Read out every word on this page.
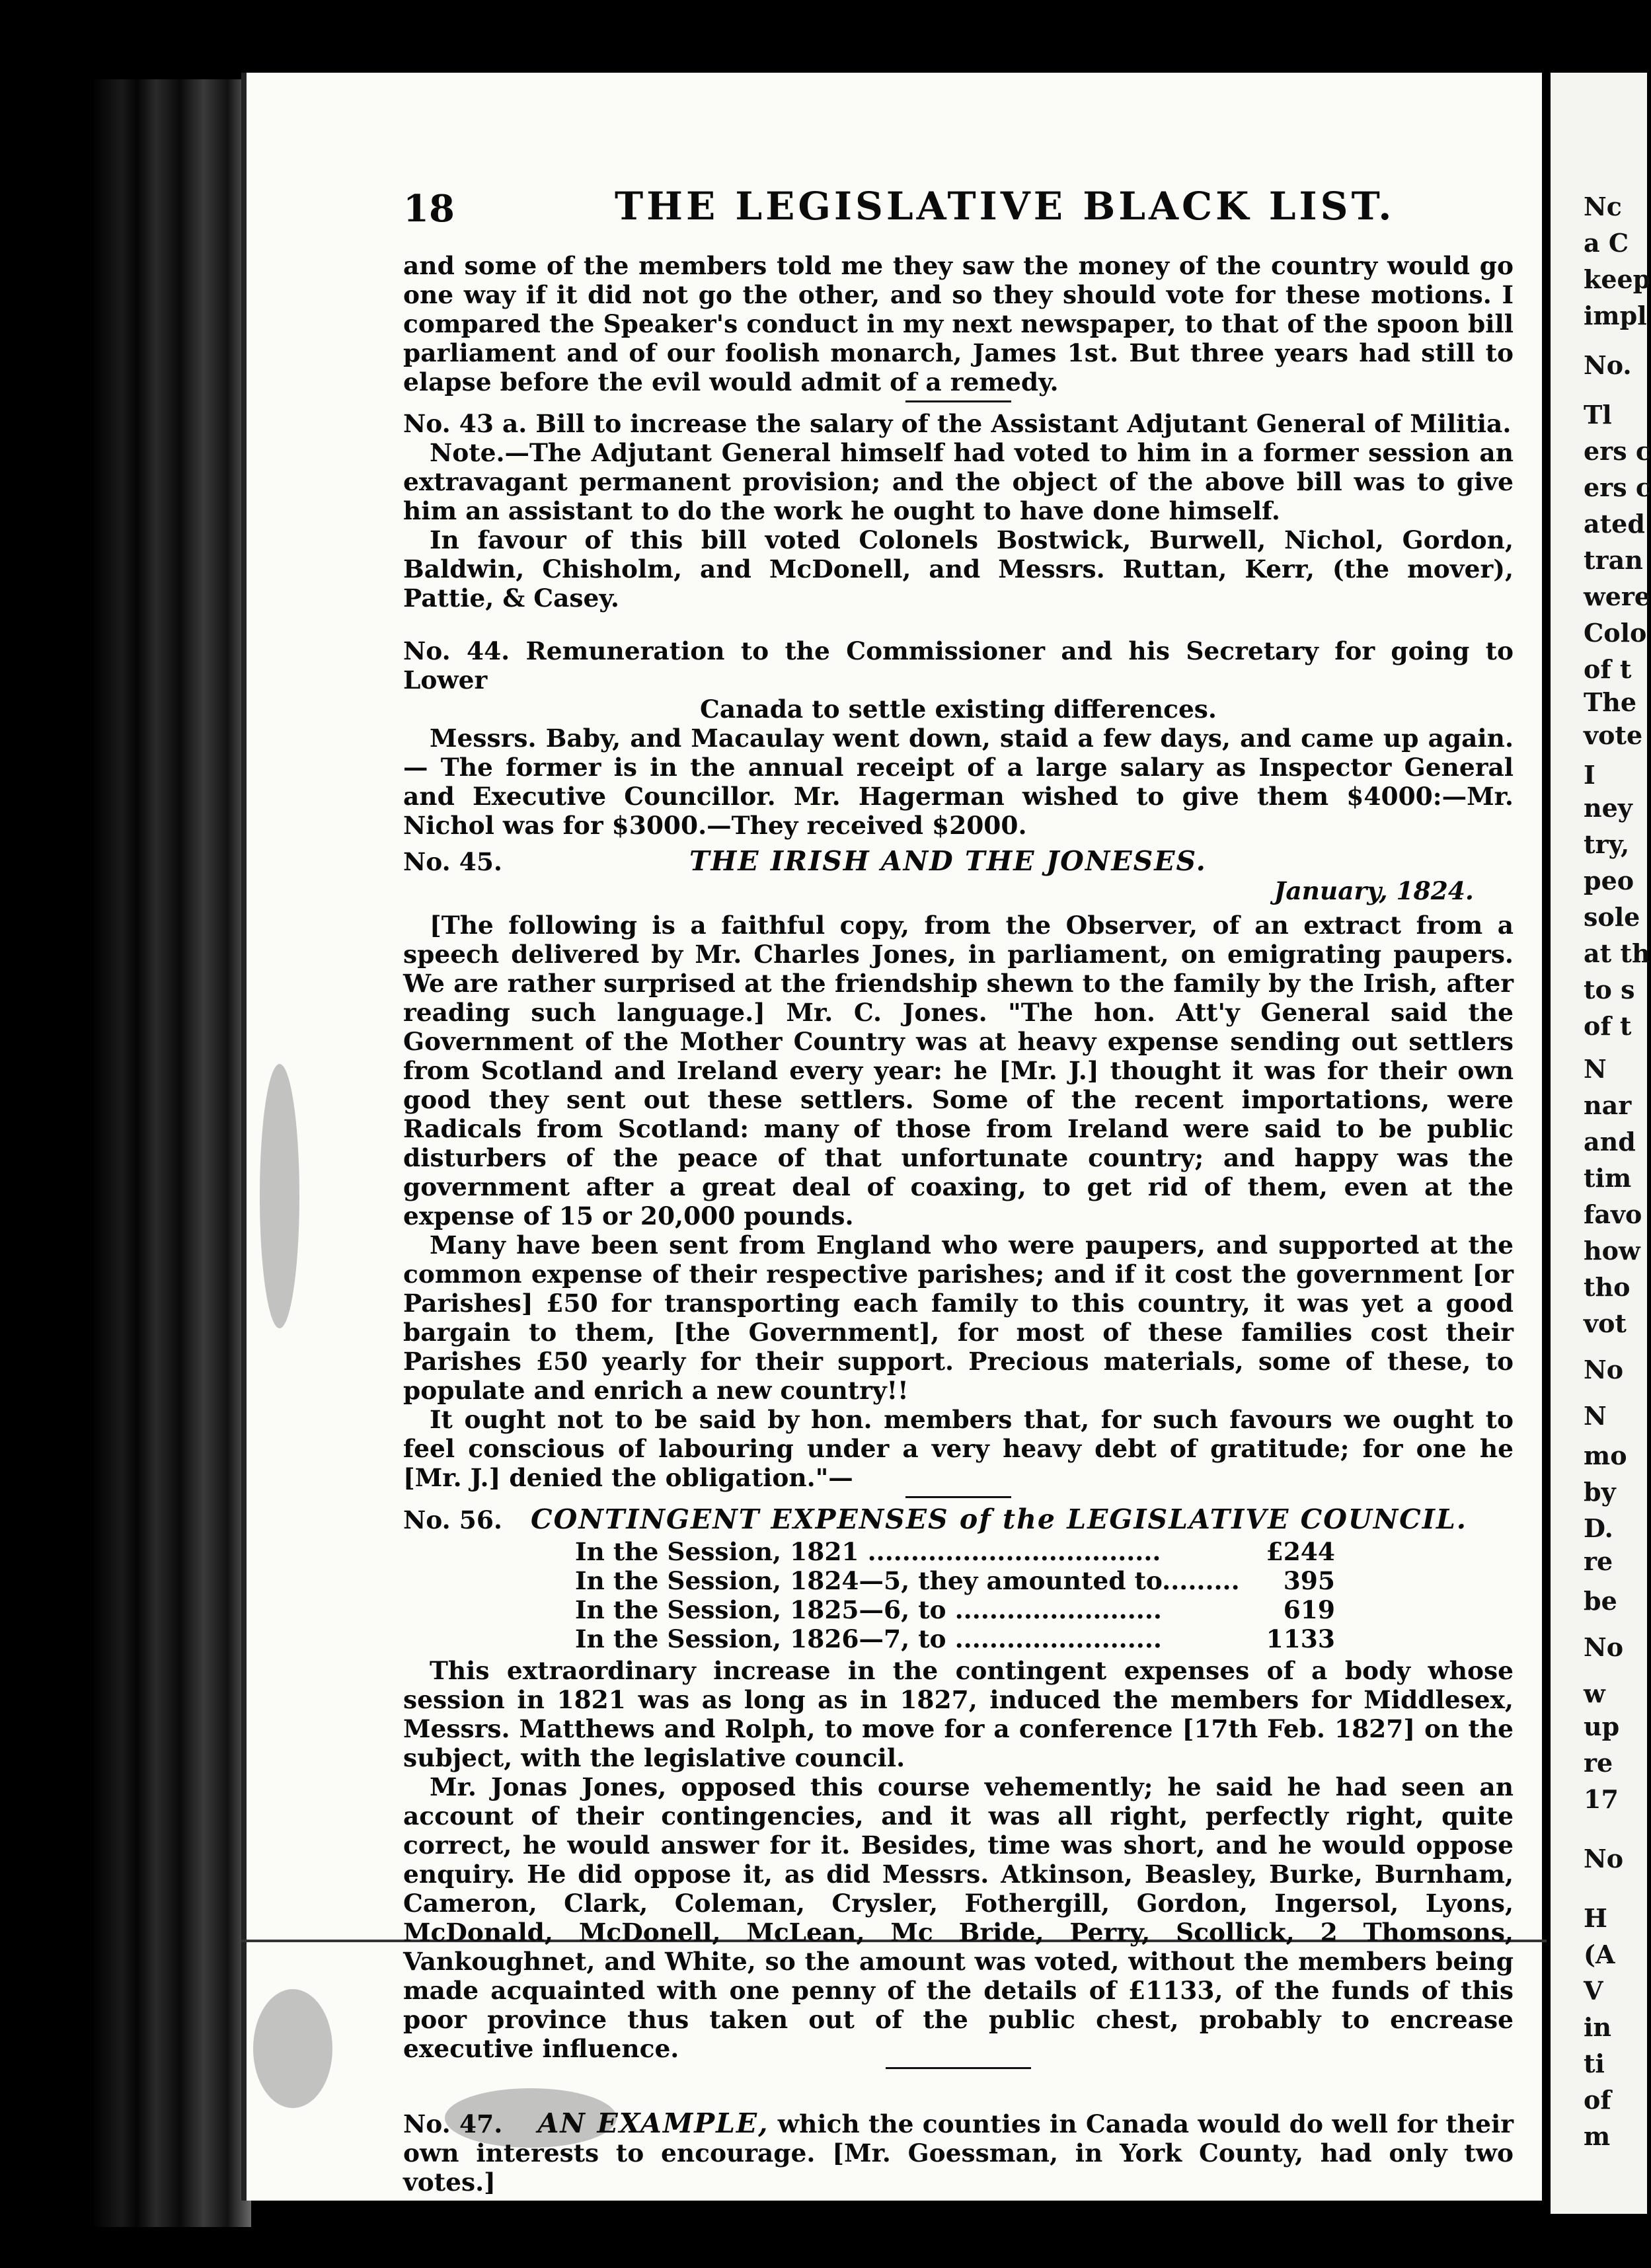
Nc
a C
keep
impl
No.
Tl
ers c
ers c
ated
tran
were
Colo
of t
The
vote
I
ney
try,
peo
sole
at th
to s
of t
N
nar
and
tim
favo
how
tho
vot
No
N
mo
by
D.
re
be
No
w
up
re
17
No
H
(A
V
in
ti
of
m
18	THE LEGISLATIVE BLACK LIST.

and some of the members told me they saw the money of the country would go one way if it did not go the other, and so they should vote for these motions. I compared the Speaker's conduct in my next newspaper, to that of the spoon bill parliament and of our foolish monarch, James 1st. But three years had still to elapse before the evil would admit of a remedy.

No. 43 a. Bill to increase the salary of the Assistant Adjutant General of Militia.

Note.—The Adjutant General himself had voted to him in a former session an extravagant permanent provision; and the object of the above bill was to give him an assistant to do the work he ought to have done himself.

In favour of this bill voted Colonels Bostwick, Burwell, Nichol, Gordon, Baldwin, Chisholm, and McDonell, and Messrs. Ruttan, Kerr, (the mover), Pattie, & Casey.

No. 44. Remuneration to the Commissioner and his Secretary for going to Lower

Canada to settle existing differences.

Messrs. Baby, and Macaulay went down, staid a few days, and came up again.— The former is in the annual receipt of a large salary as Inspector General and Executive Councillor. Mr. Hagerman wished to give them $4000:—Mr. Nichol was for $3000.—They received $2000.

No. 45.	THE IRISH AND THE JONESES.

January, 1824.

[The following is a faithful copy, from the Observer, of an extract from a speech delivered by Mr. Charles Jones, in parliament, on emigrating paupers. We are rather surprised at the friendship shewn to the family by the Irish, after reading such language.] Mr. C. Jones. "The hon. Att'y General said the Government of the Mother Country was at heavy expense sending out settlers from Scotland and Ireland every year: he [Mr. J.] thought it was for their own good they sent out these settlers. Some of the recent importations, were Radicals from Scotland: many of those from Ireland were said to be public disturbers of the peace of that unfortunate country; and happy was the government after a great deal of coaxing, to get rid of them, even at the expense of 15 or 20,000 pounds.

Many have been sent from England who were paupers, and supported at the common expense of their respective parishes; and if it cost the government [or Parishes] £50 for transporting each family to this country, it was yet a good bargain to them, [the Government], for most of these families cost their Parishes £50 yearly for their support. Precious materials, some of these, to populate and enrich a new country!!

It ought not to be said by hon. members that, for such favours we ought to feel conscious of labouring under a very heavy debt of gratitude; for one he [Mr. J.] denied the obligation."—

No. 56. CONTINGENT EXPENSES of the LEGISLATIVE COUNCIL.

In the Session, 1821 ..................................	£244
In the Session, 1824—5, they amounted to.........	395
In the Session, 1825—6, to ........................	619
In the Session, 1826—7, to ........................	1133

This extraordinary increase in the contingent expenses of a body whose session in 1821 was as long as in 1827, induced the members for Middlesex, Messrs. Matthews and Rolph, to move for a conference [17th Feb. 1827] on the subject, with the legislative council.

Mr. Jonas Jones, opposed this course vehemently; he said he had seen an account of their contingencies, and it was all right, perfectly right, quite correct, he would answer for it. Besides, time was short, and he would oppose enquiry. He did oppose it, as did Messrs. Atkinson, Beasley, Burke, Burnham, Cameron, Clark, Coleman, Crysler, Fothergill, Gordon, Ingersol, Lyons, McDonald, McDonell, McLean, Mc Bride, Perry, Scollick, 2 Thomsons, Vankoughnet, and White, so the amount was voted, without the members being made acquainted with one penny of the details of £1133, of the funds of this poor province thus taken out of the public chest, probably to encrease executive influence.

No. 47. AN EXAMPLE, which the counties in Canada would do well for their own interests to encourage. [Mr. Goessman, in York County, had only two votes.]
